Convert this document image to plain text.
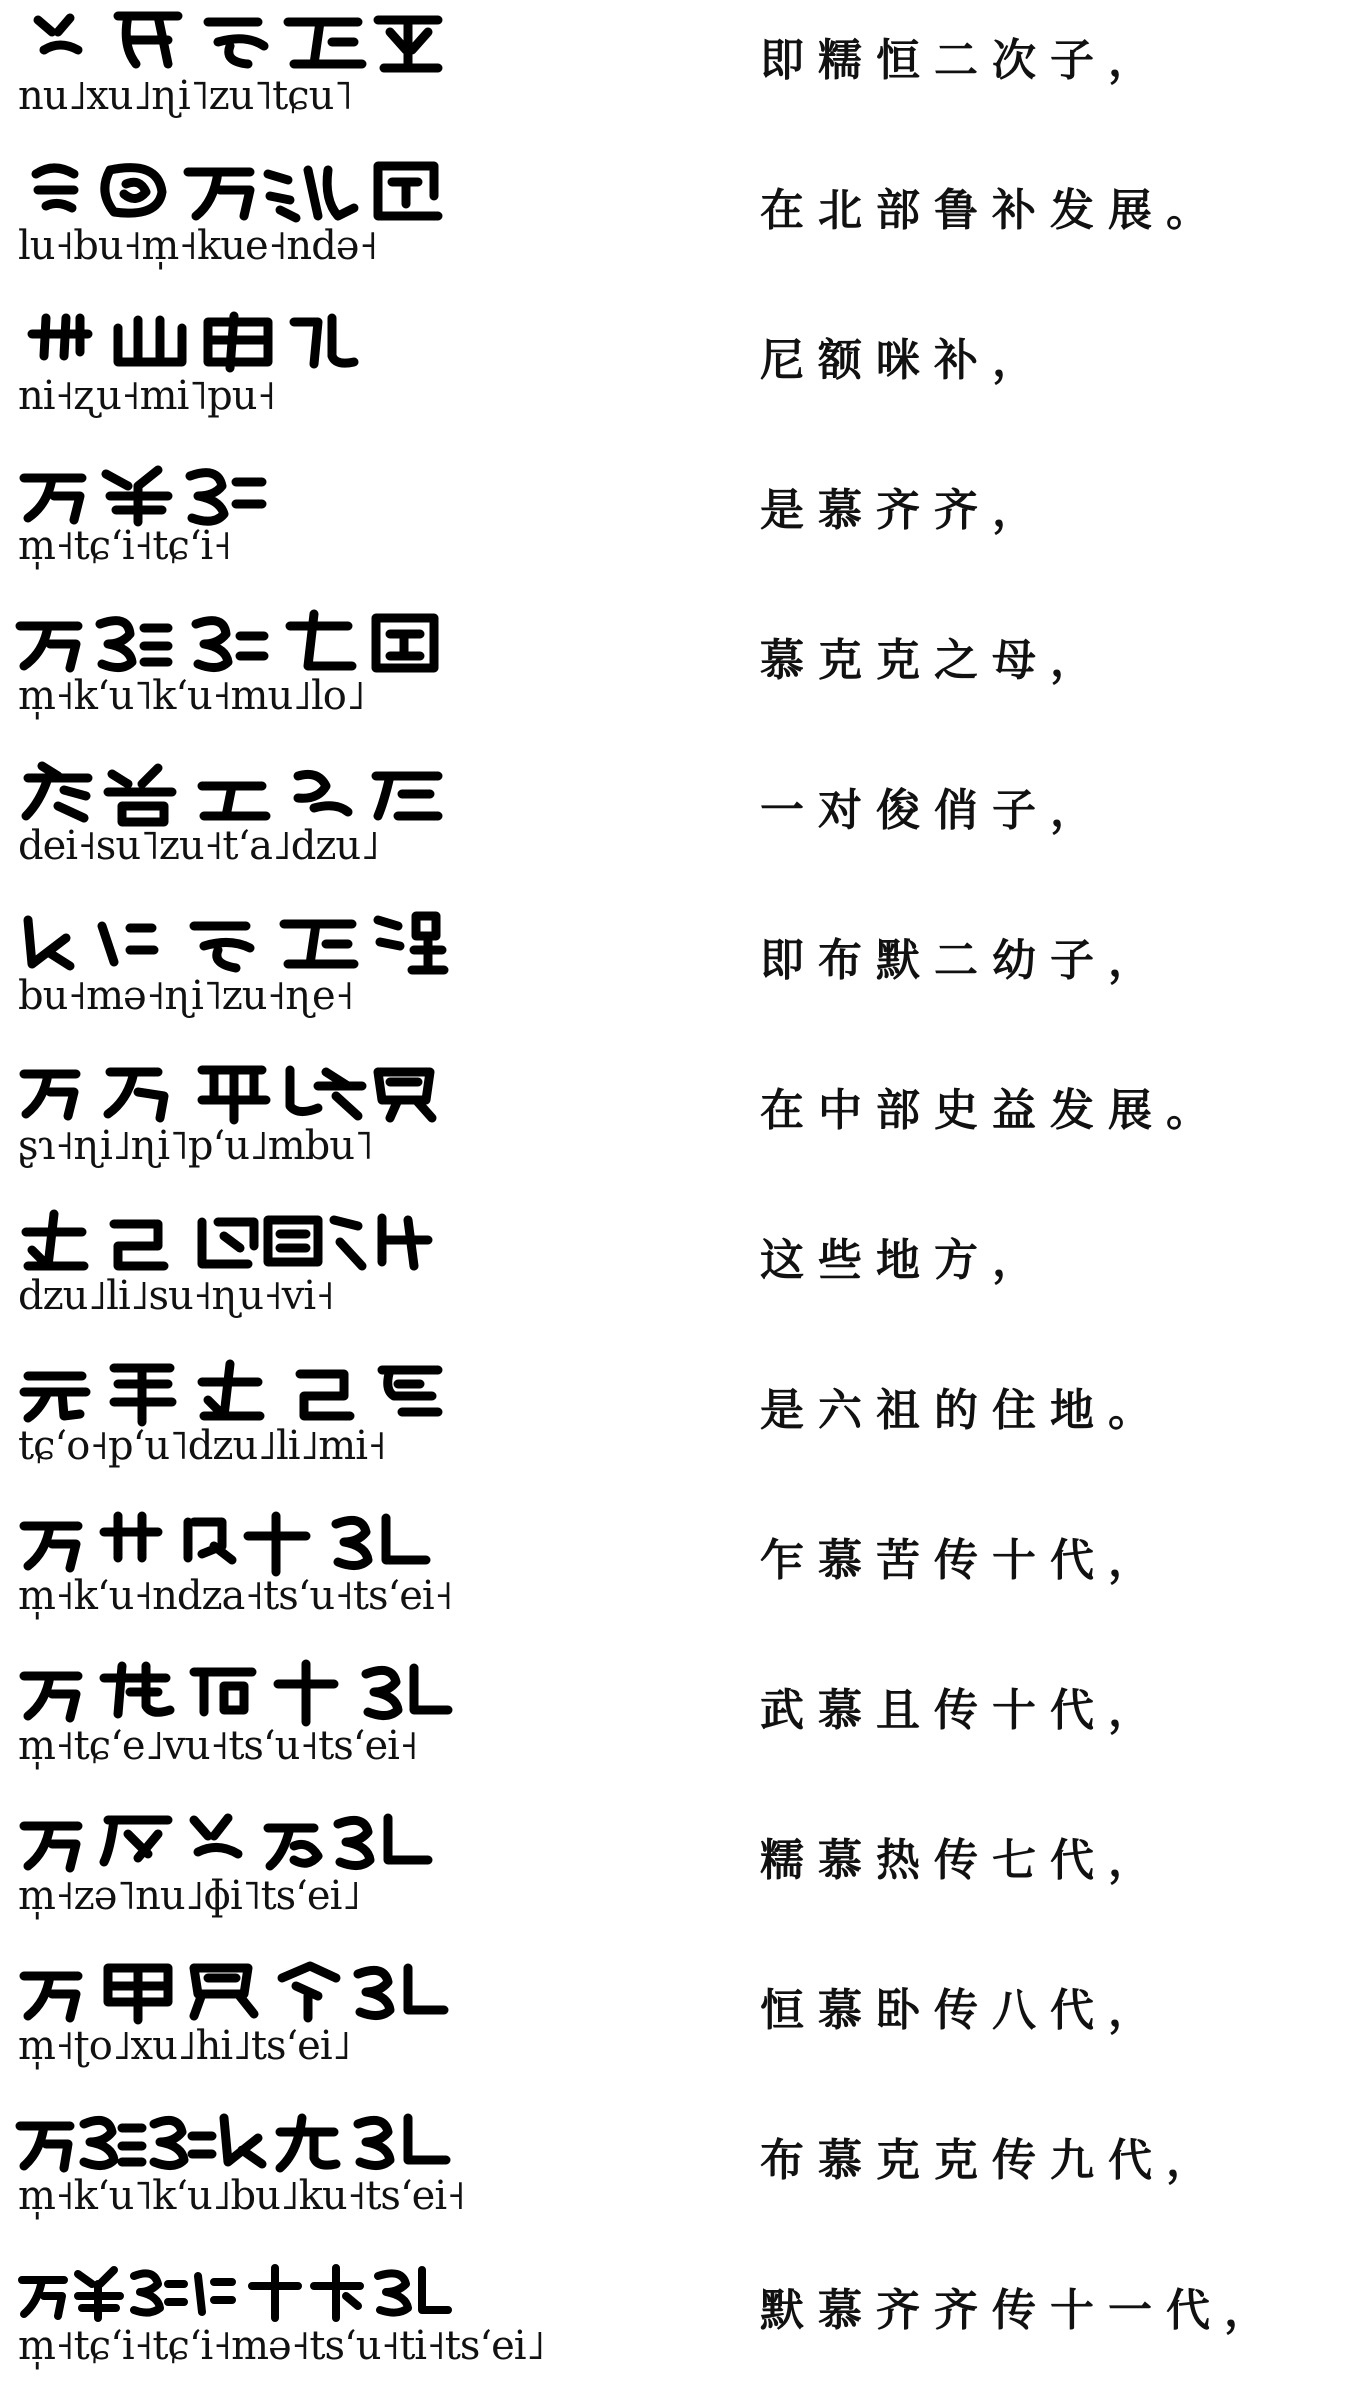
nu˩xu˩ɳi˥zu˥tɕu˥
即糯恒二次子，
lu˧bu˧m̩˧kue˧ndə˧
在北部鲁补发展。
ni˧ʐu˧mi˥pu˧
尼额咪补，
m̩˧tɕʻi˧tɕʻi˧
是慕齐齐，
m̩˧kʻu˥kʻu˧mu˩lo˩
慕克克之母，
dei˧su˥zu˧tʻa˩dzu˩
一对俊俏子，
bu˧mə˧ɳi˥zu˧ɳe˧
即布默二幼子，
ʂɿ˧ɳi˩ɳi˥pʻu˩mbu˥
在中部史益发展。
dzu˩li˩su˧ɳu˧vi˧
这些地方，
tɕʻo˧pʻu˥dzu˩li˩mi˧
是六祖的住地。
m̩˧kʻu˧ndza˧tsʻu˧tsʻei˧
乍慕苦传十代，
m̩˧tɕʻe˩vu˧tsʻu˧tsʻei˧
武慕且传十代，
m̩˧zə˥nu˩ɸi˥tsʻei˩
糯慕热传七代，
m̩˧ʈo˩xu˩hi˩tsʻei˩
恒慕卧传八代，
m̩˧kʻu˥kʻu˩bu˩ku˧tsʻei˧
布慕克克传九代，
m̩˧tɕʻi˧tɕʻi˧mə˧tsʻu˧ti˧tsʻei˩
默慕齐齐传十一代，
